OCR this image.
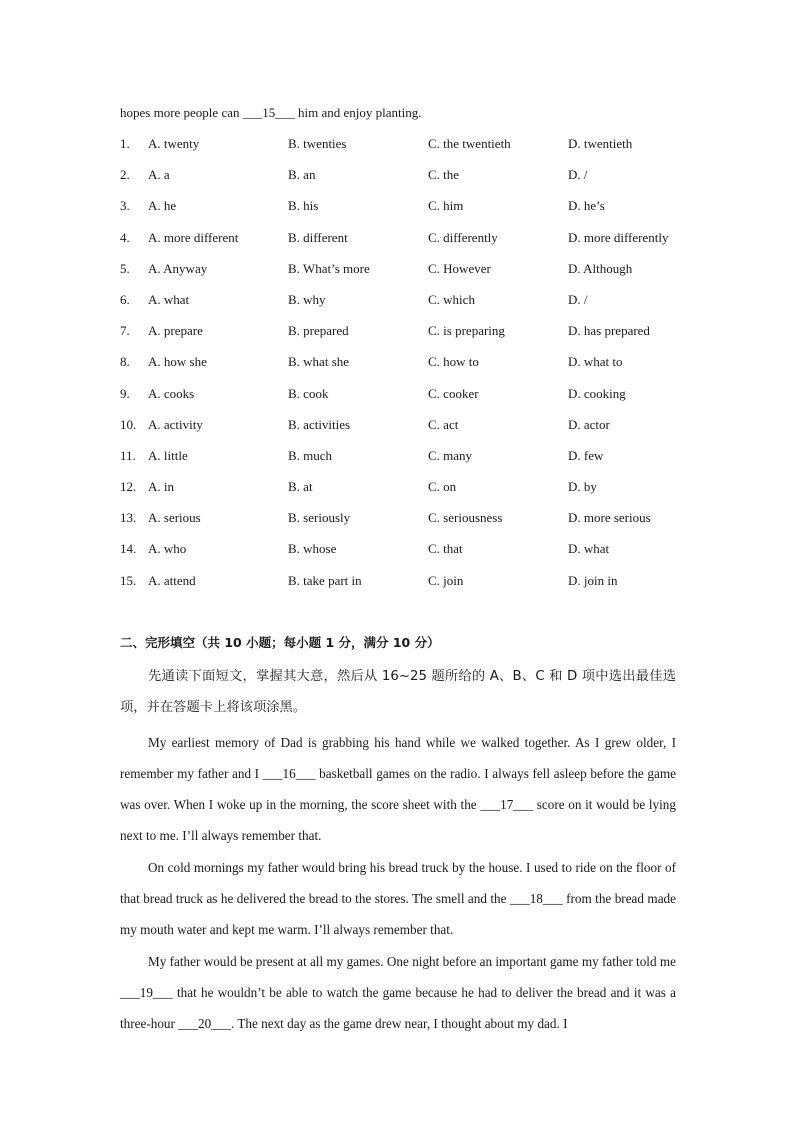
hopes more people can ___15___ him and enjoy planting.
1. A. twenty	B. twenties	C. the twentieth	D. twentieth
2. A. a	B. an	C. the	D. /
3. A. he	B. his	C. him	D. he’s
4. A. more different	B. different	C. differently	D. more differently
5. A. Anyway	B. What’s more	C. However	D. Although
6. A. what	B. why	C. which	D. /
7. A. prepare	B. prepared	C. is preparing	D. has prepared
8. A. how she	B. what she	C. how to	D. what to
9. A. cooks	B. cook	C. cooker	D. cooking
10. A. activity	B. activities	C. act	D. actor
11. A. little	B. much	C. many	D. few
12. A. in	B. at	C. on	D. by
13. A. serious	B. seriously	C. seriousness	D. more serious
14. A. who	B. whose	C. that	D. what
15. A. attend	B. take part in	C. join	D. join in
二、完形填空（共 10 小题；每小题 1 分，满分 10 分）
先通读下面短文，掌握其大意，然后从 16~25 题所给的 A、B、C 和 D 项中选出最佳选项，并在答题卡上将该项涂黑。
My earliest memory of Dad is grabbing his hand while we walked together. As I grew older, I remember my father and I ___16___ basketball games on the radio. I always fell asleep before the game was over. When I woke up in the morning, the score sheet with the ___17___ score on it would be lying next to me. I’ll always remember that.
On cold mornings my father would bring his bread truck by the house. I used to ride on the floor of that bread truck as he delivered the bread to the stores. The smell and the ___18___ from the bread made my mouth water and kept me warm. I’ll always remember that.
My father would be present at all my games. One night before an important game my father told me ___19___ that he wouldn’t be able to watch the game because he had to deliver the bread and it was a three-hour ___20___. The next day as the game drew near, I thought about my dad. I
